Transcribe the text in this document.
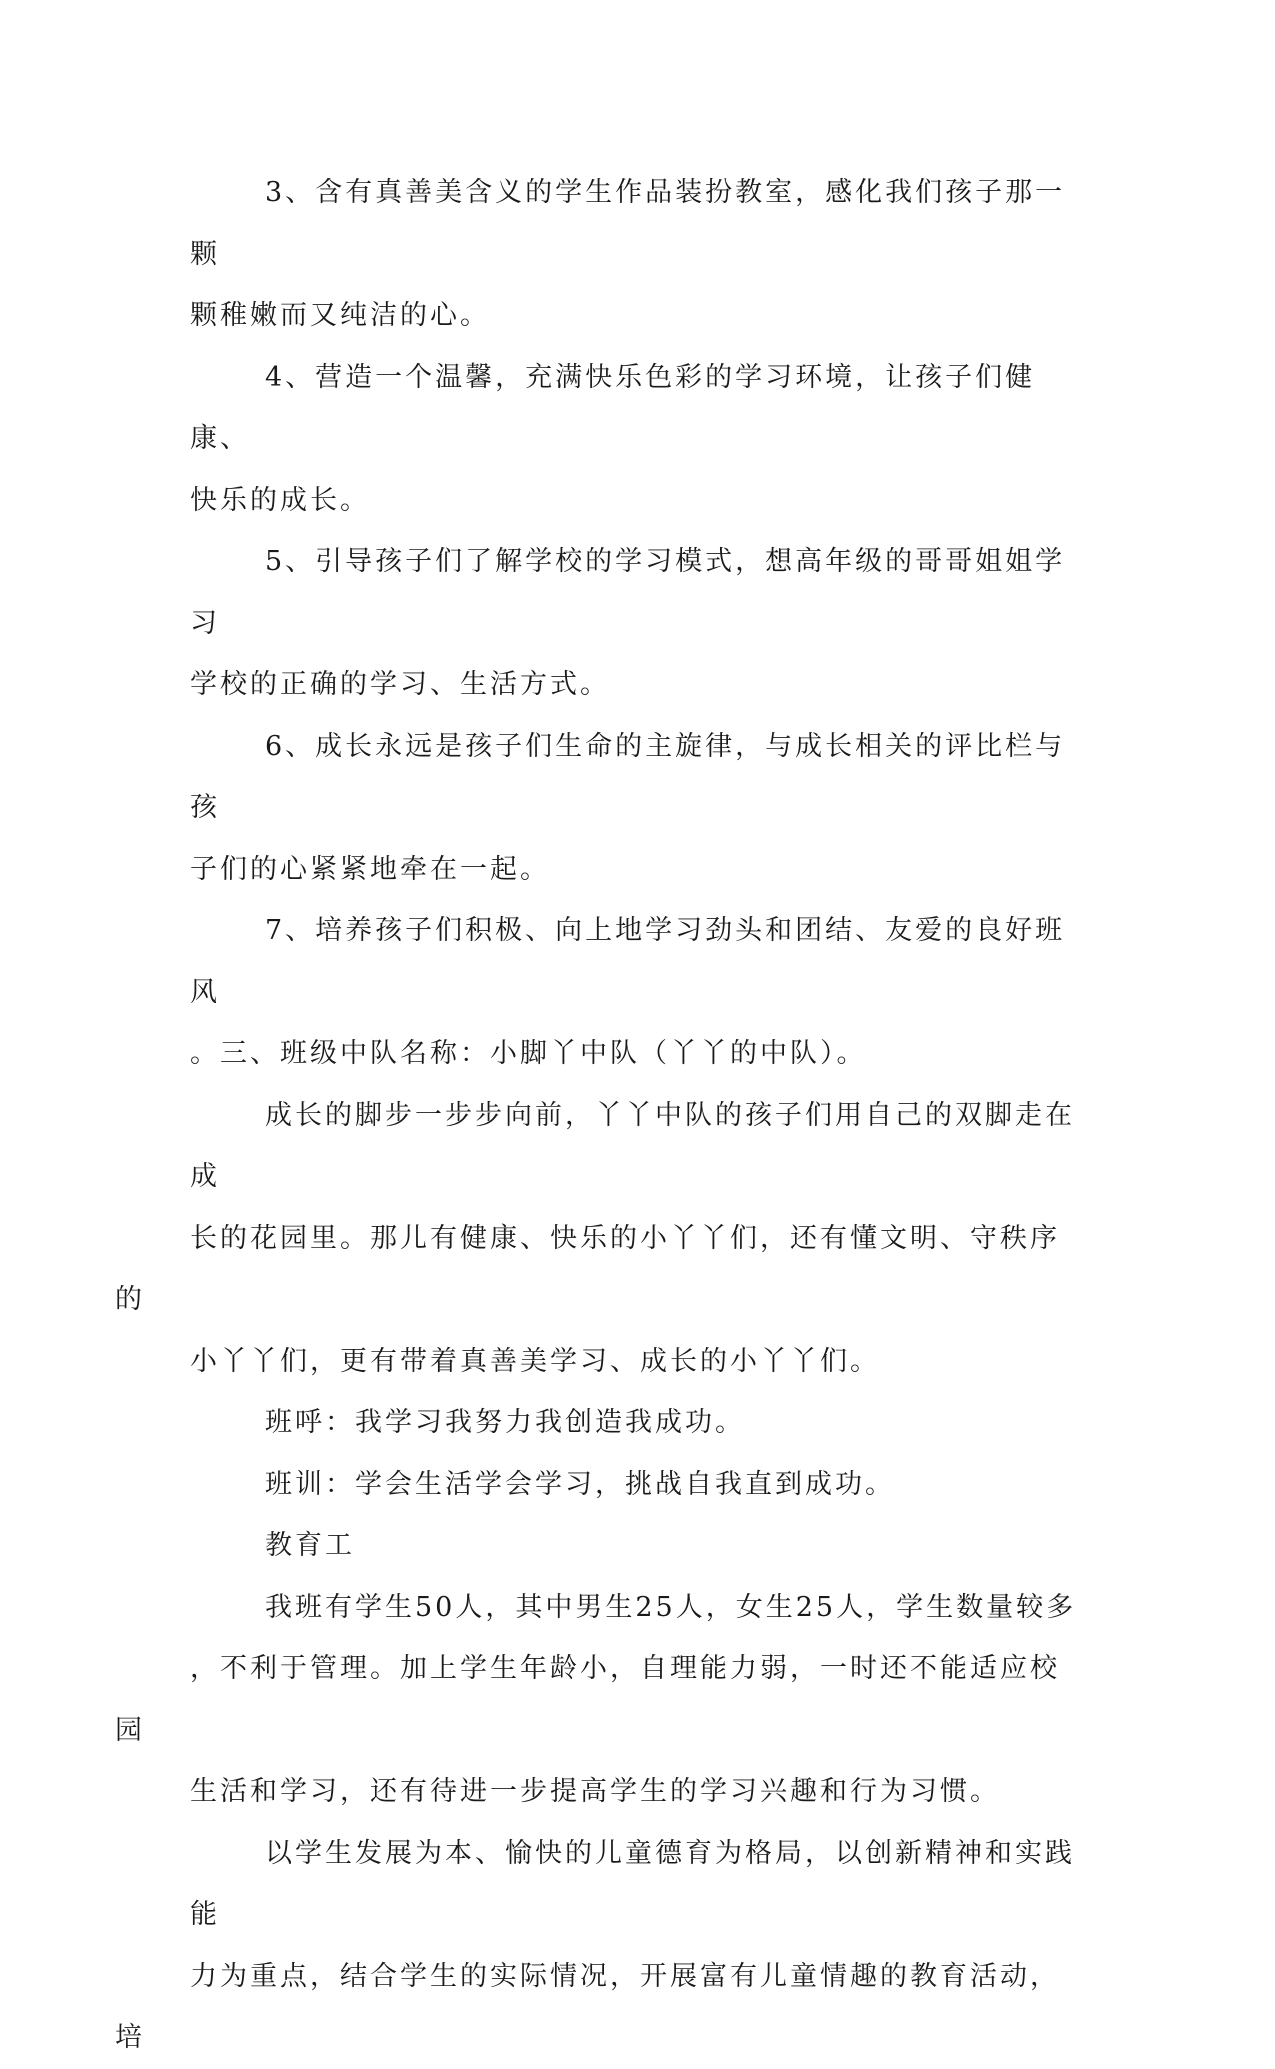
3、含有真善美含义的学生作品装扮教室，感化我们孩子那一颗
颗稚嫩而又纯洁的心。
4、营造一个温馨，充满快乐色彩的学习环境，让孩子们健康、
快乐的成长。
5、引导孩子们了解学校的学习模式，想高年级的哥哥姐姐学习
学校的正确的学习、生活方式。
6、成长永远是孩子们生命的主旋律，与成长相关的评比栏与孩
子们的心紧紧地牵在一起。
7、培养孩子们积极、向上地学习劲头和团结、友爱的良好班风
。三、班级中队名称：小脚丫中队（丫丫的中队）。
成长的脚步一步步向前，丫丫中队的孩子们用自己的双脚走在成
长的花园里。那儿有健康、快乐的小丫丫们，还有懂文明、守秩序的
小丫丫们，更有带着真善美学习、成长的小丫丫们。
班呼：我学习我努力我创造我成功。
班训：学会生活学会学习，挑战自我直到成功。
教育工
我班有学生50人，其中男生25人，女生25人，学生数量较多
，不利于管理。加上学生年龄小，自理能力弱，一时还不能适应校园
生活和学习，还有待进一步提高学生的学习兴趣和行为习惯。
以学生发展为本、愉快的儿童德育为格局，以创新精神和实践能
力为重点，结合学生的实际情况，开展富有儿童情趣的教育活动，培
